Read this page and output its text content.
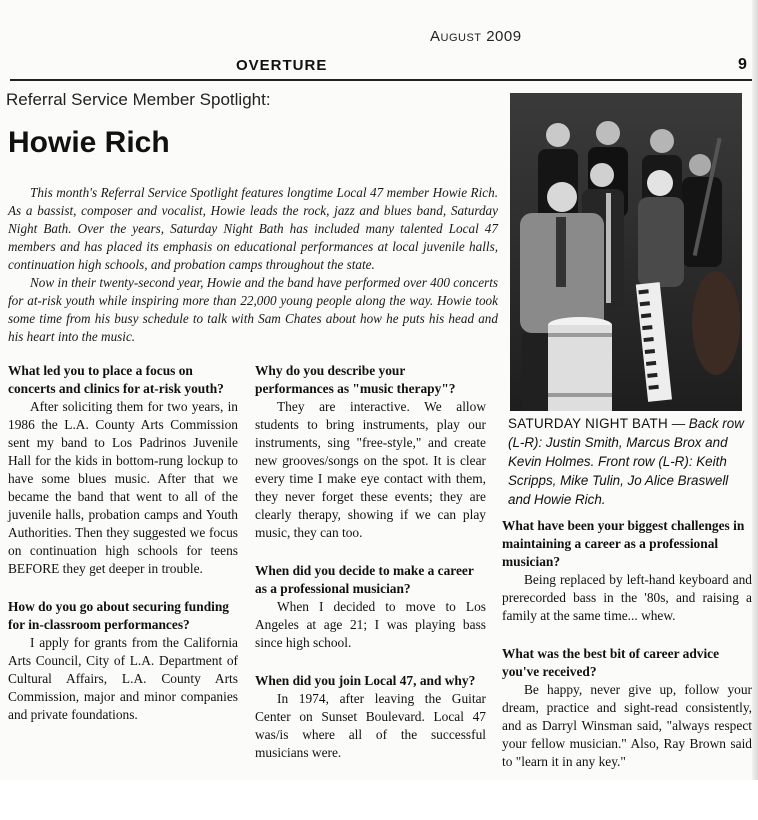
August 2009
OVERTURE	9
Referral Service Member Spotlight:
Howie Rich

This month's Referral Service Spotlight features longtime Local 47 member Howie Rich. As a bassist, composer and vocalist, Howie leads the rock, jazz and blues band, Saturday Night Bath. Over the years, Saturday Night Bath has included many talented Local 47 members and has placed its emphasis on educational performances at local juvenile halls, continuation high schools, and probation camps throughout the state.

Now in their twenty-second year, Howie and the band have performed over 400 concerts for at-risk youth while inspiring more than 22,000 young people along the way. Howie took some time from his busy schedule to talk with Sam Chates about how he puts his head and his heart into the music.

What led you to place a focus on concerts and clinics for at-risk youth?

After soliciting them for two years, in 1986 the L.A. County Arts Commission sent my band to Los Padrinos Juvenile Hall for the kids in bottom-rung lockup to have some blues music. After that we became the band that went to all of the juvenile halls, probation camps and Youth Authorities. Then they suggested we focus on continuation high schools for teens BEFORE they get deeper in trouble.

How do you go about securing funding for in-classroom performances?

I apply for grants from the California Arts Council, City of L.A. Department of Cultural Affairs, L.A. County Arts Commission, major and minor companies and private foundations.

Why do you describe your performances as "music therapy"?

They are interactive. We allow students to bring instruments, play our instruments, sing "free-style," and create new grooves/songs on the spot. It is clear every time I make eye contact with them, they never forget these events; they are clearly therapy, showing if we can play music, they can too.

When did you decide to make a career as a professional musician?

When I decided to move to Los Angeles at age 21; I was playing bass since high school.

When did you join Local 47, and why?

In 1974, after leaving the Guitar Center on Sunset Boulevard. Local 47 was/is where all of the successful musicians were.

SATURDAY NIGHT BATH — Back row (L-R): Justin Smith, Marcus Brox and Kevin Holmes. Front row (L-R): Keith Scripps, Mike Tulin, Jo Alice Braswell and Howie Rich.

What have been your biggest challenges in maintaining a career as a professional musician?

Being replaced by left-hand keyboard and prerecorded bass in the '80s, and raising a family at the same time... whew.

What was the best bit of career advice you've received?

Be happy, never give up, follow your dream, practice and sight-read consistently, and as Darryl Winsman said, "always respect your fellow musician." Also, Ray Brown said to "learn it in any key."
